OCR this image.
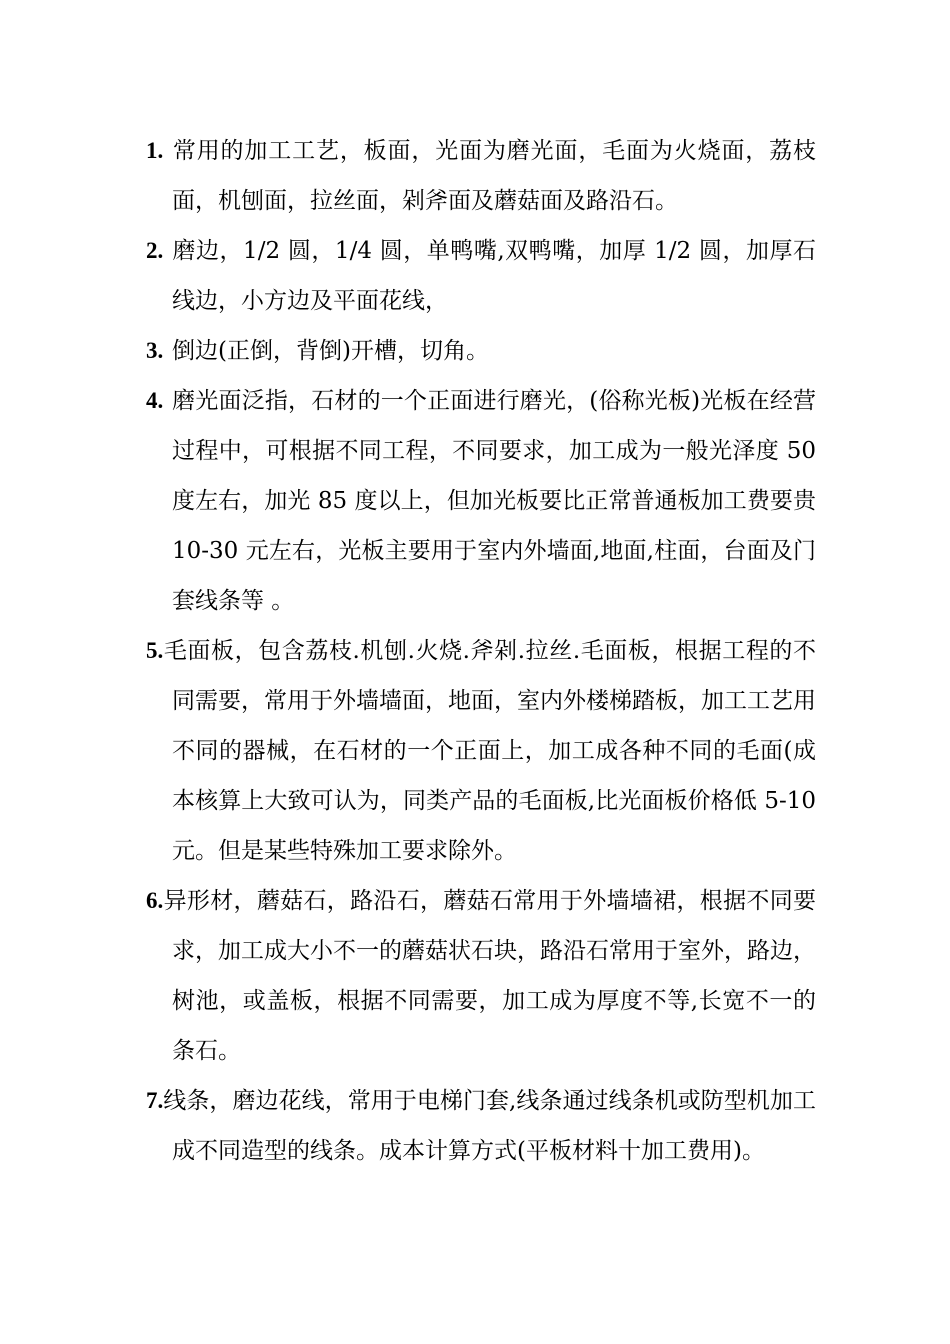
1. 常用的加工工艺，板面，光面为磨光面，毛面为火烧面，荔枝面，机刨面，拉丝面，剁斧面及蘑菇面及路沿石。

2. 磨边，1/2 圆，1/4 圆，单鸭嘴,双鸭嘴，加厚 1/2 圆，加厚石线边，小方边及平面花线，

3. 倒边(正倒，背倒)开槽，切角。

4. 磨光面泛指，石材的一个正面进行磨光，(俗称光板)光板在经营过程中，可根据不同工程，不同要求，加工成为一般光泽度 50 度左右，加光 85 度以上，但加光板要比正常普通板加工费要贵 10-30 元左右，光板主要用于室内外墙面,地面,柱面，台面及门套线条等 。

5.毛面板，包含荔枝.机刨.火烧.斧剁.拉丝.毛面板，根据工程的不同需要，常用于外墙墙面，地面，室内外楼梯踏板，加工工艺用不同的器械，在石材的一个正面上，加工成各种不同的毛面(成本核算上大致可认为，同类产品的毛面板,比光面板价格低 5-10 元。但是某些特殊加工要求除外。

6.异形材，蘑菇石，路沿石，蘑菇石常用于外墙墙裙，根据不同要求，加工成大小不一的蘑菇状石块，路沿石常用于室外，路边，树池，或盖板，根据不同需要，加工成为厚度不等,长宽不一的条石。

7.线条，磨边花线，常用于电梯门套,线条通过线条机或防型机加工成不同造型的线条。成本计算方式(平板材料十加工费用)。
